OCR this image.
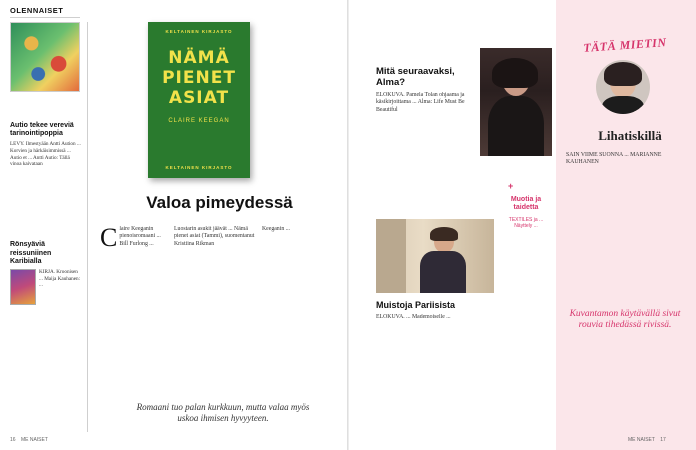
OLENNAISET
Autio tekee vereviä tarinointipoppia
LEVY. Ilmestyään Antti Aution ... Korvien ja härkäisimmissä ... Autio et ... Antti Autio: Tällä vinoa kaivataan
Rönsyäviä reissuniinen Karibialla
KIRJA. Kroonisen ... Maija Kauhanen: ...
KELTAINEN KIRJASTO
NÄMÄ
PIENET
ASIAT
CLAIRE KEEGAN
KELTAINEN KIRJASTO
Valoa pimeydessä
C laire Keeganin pienoisromaani ... Bill Furlong ...
Luostarin asukit jäävät ... Nämä pienet asiat (Tammi), suomentanut Kristiina Rikman
Keeganin ...
Romaani tuo palan kurkkuun, mutta valaa myös uskoa ihmisen hyvyyteen.
16 ME NAISET
Mitä seuraavaksi, Alma?
ELOKUVA. Pamela Tolan ohjaama ja käsikirjoittama ... Alma: Life Must Be Beautiful
+
Muotia ja taidetta
TEXTILES ja ... Näyttely ...
Muistoja Pariisista
ELOKUVA. ... Mademoiselle ...
TÄTÄ MIETIN
Lihatiskillä
SAIN VIIME SUONNA ... MARIANNE KAUHANEN
Kuvantamon käytävällä sivut rouvia tihedässä rivissä.
ME NAISET 17
